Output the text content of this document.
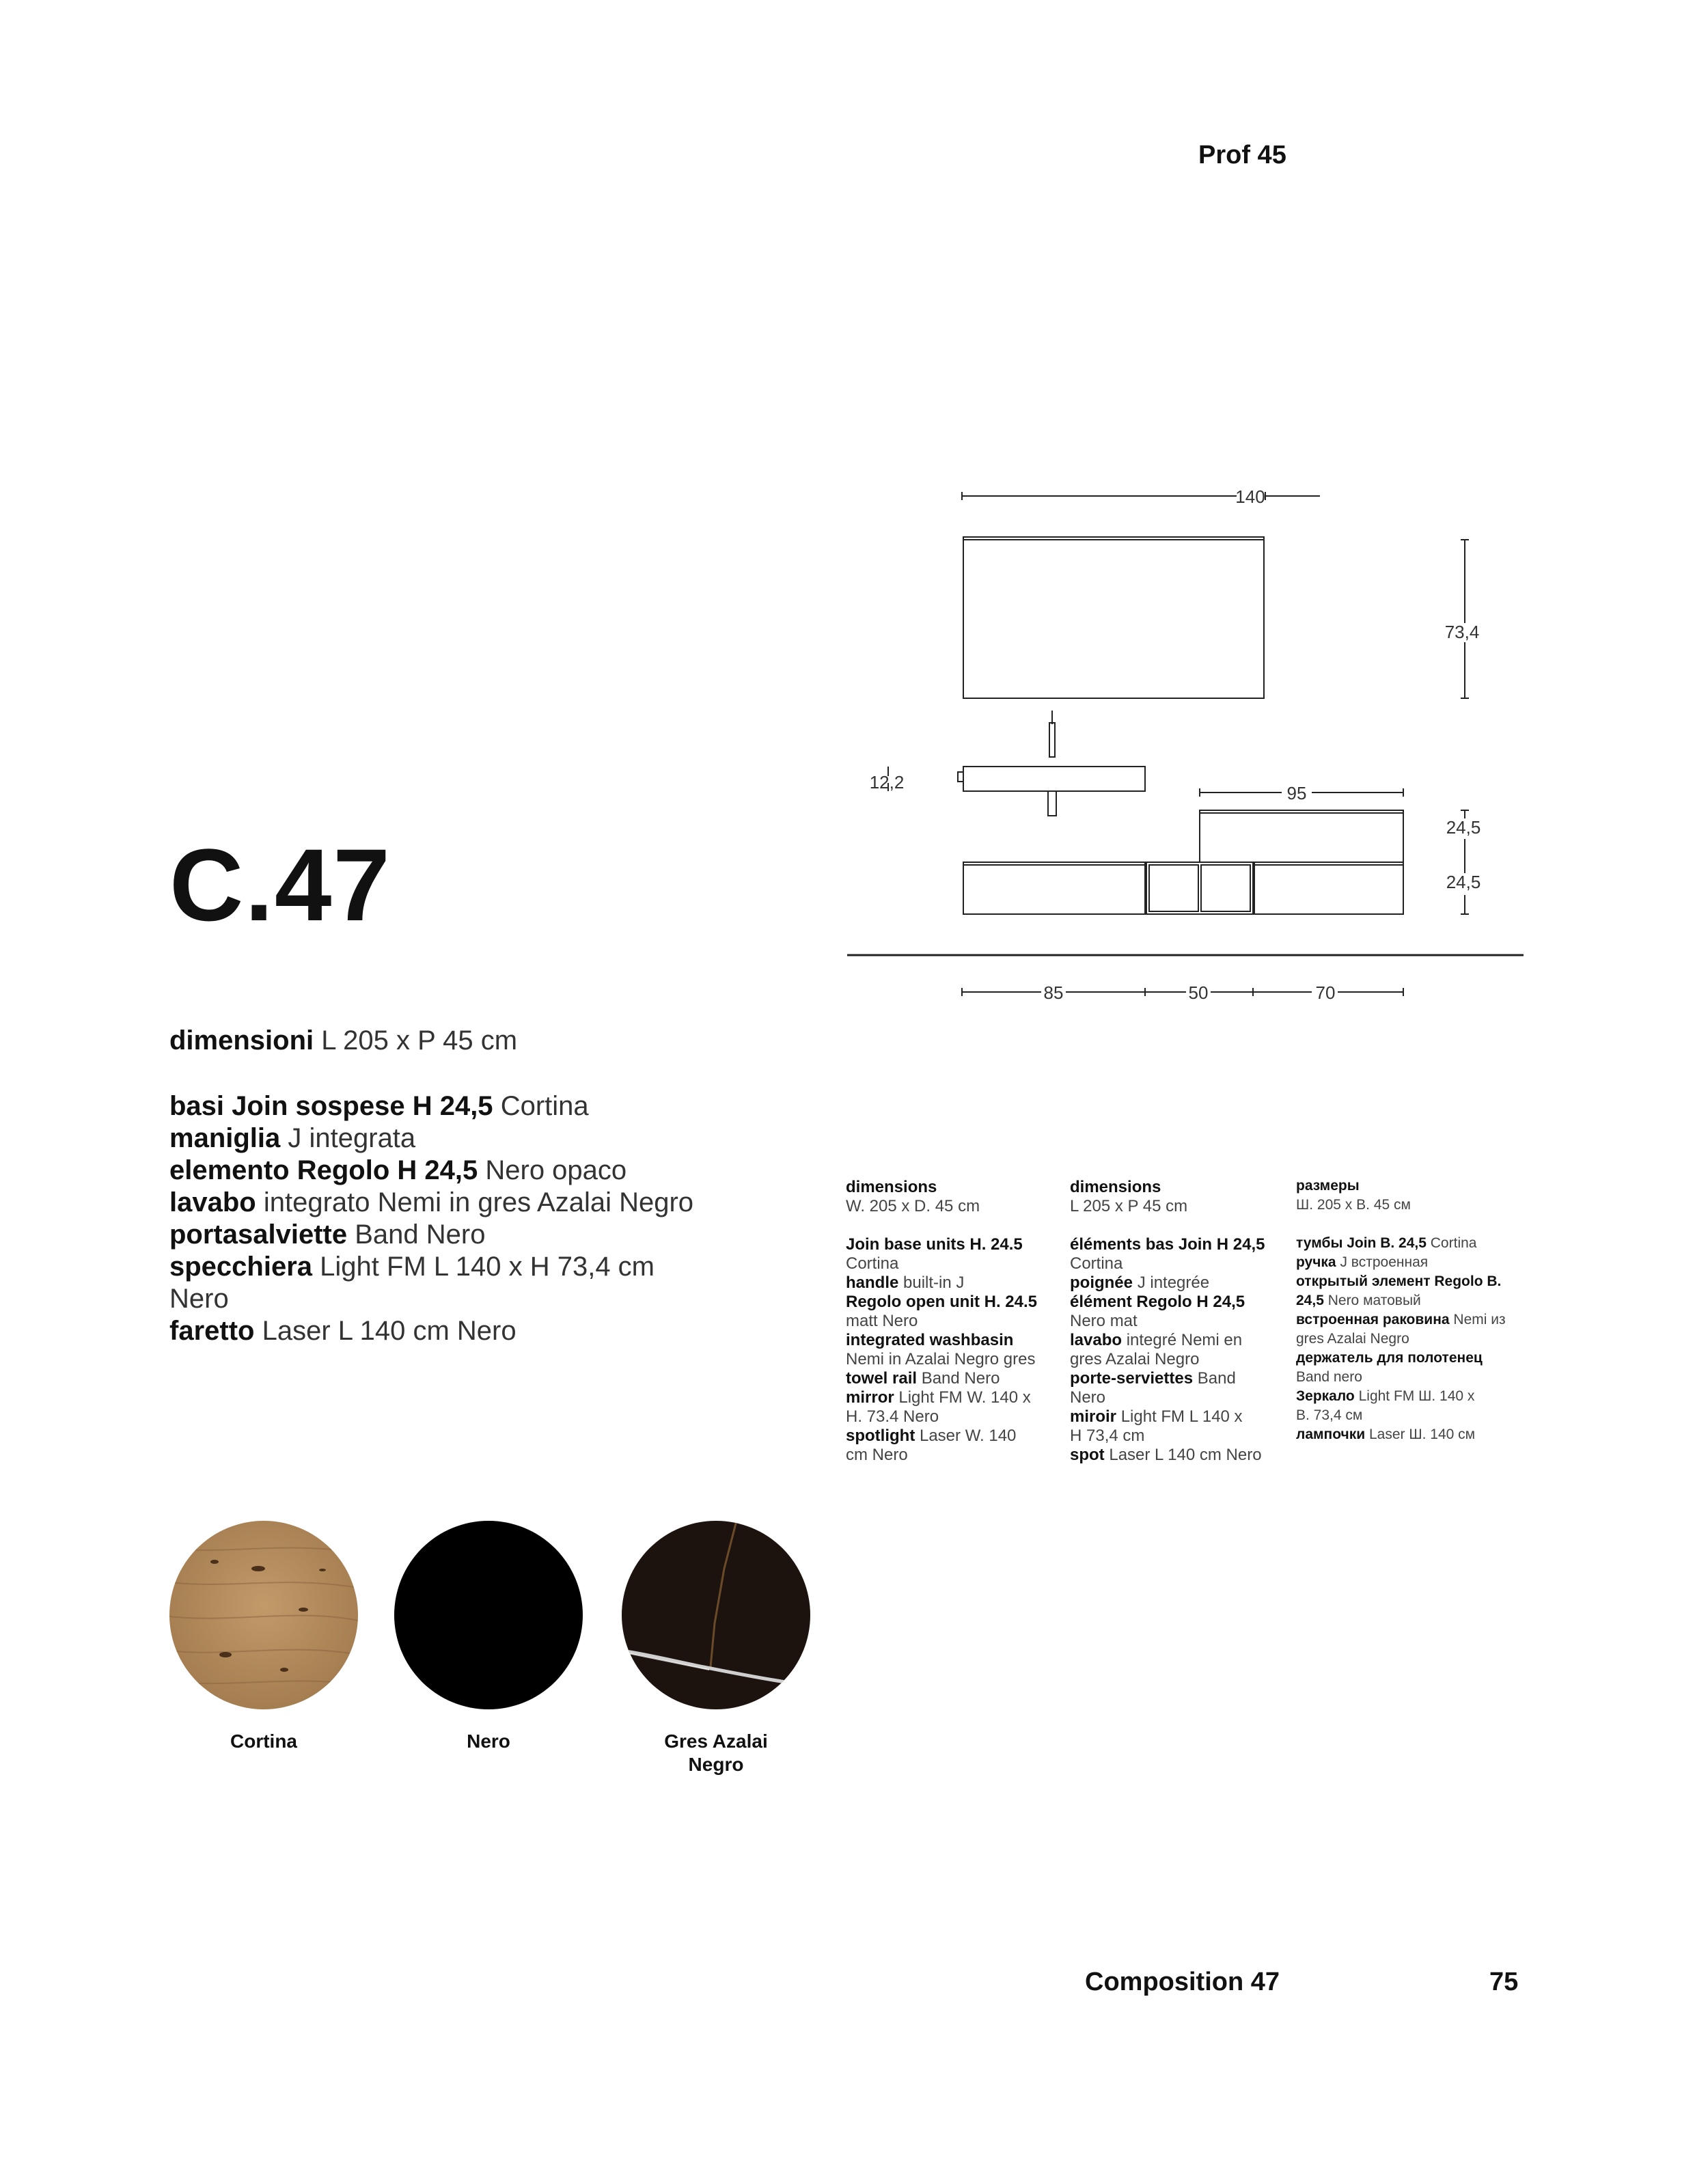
Prof 45
140
73,4
12,2
95
24,5
24,5
85	50	70
C.47
dimensioni L 205 x P 45 cm
basi Join sospese H 24,5 Cortina
maniglia J integrata
elemento Regolo H 24,5 Nero opaco
lavabo integrato Nemi in gres Azalai Negro
portasalviette Band Nero
specchiera Light FM L 140 x H 73,4 cm
Nero
faretto Laser L 140 cm Nero
dimensions
W. 205 x D. 45 cm
Join base units H. 24.5
Cortina
handle built-in J
Regolo open unit H. 24.5
matt Nero
integrated washbasin
Nemi in Azalai Negro gres
towel rail Band Nero
mirror Light FM W. 140 x
H. 73.4 Nero
spotlight Laser W. 140
cm Nero
dimensions
L 205 x P 45 cm
éléments bas Join H 24,5
Cortina
poignée J integrée
élément Regolo H 24,5
Nero mat
lavabo integré Nemi en
gres Azalai Negro
porte-serviettes Band
Nero
miroir Light FM L 140 x
H 73,4 cm
spot Laser L 140 cm Nero
размеры
Ш. 205 х В. 45 см
тумбы Join В. 24,5 Cortina
ручка J встроенная
открытый элемент Regolo В.
24,5 Nero матовый
встроенная раковина Nemi из
gres Azalai Negro
держатель для полотенец
Band nero
Зеркало Light FM Ш. 140 х
В. 73,4 см
лампочки Laser Ш. 140 см
Cortina	Nero	Gres Azalai Negro
Composition 47	75
